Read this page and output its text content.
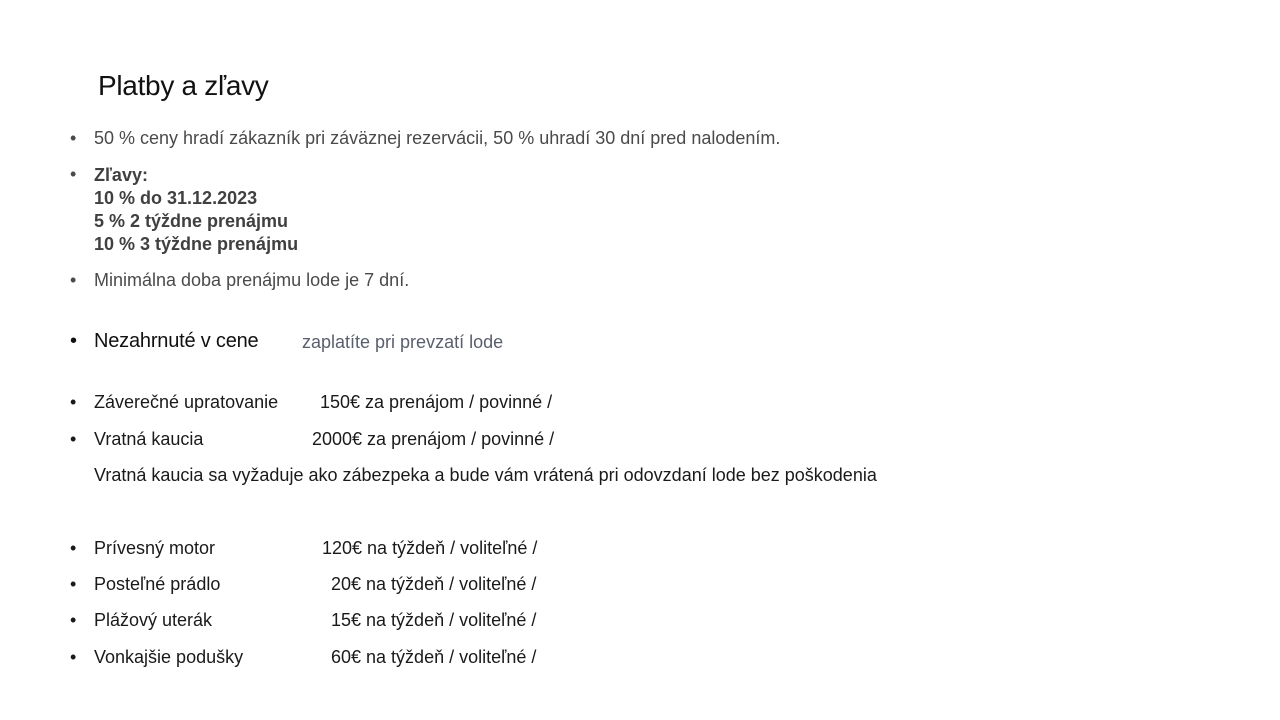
Platby a zľavy
• 50 % ceny hradí zákazník pri záväznej rezervácii, 50 % uhradí 30 dní pred nalodením.
• Zľavy:
10 % do 31.12.2023
5 % 2 týždne prenájmu
10 % 3 týždne prenájmu
• Minimálna doba prenájmu lode je 7 dní.
• Nezahrnuté v cene zaplatíte pri prevzatí lode
• Záverečné upratovanie 150€ za prenájom / povinné /
• Vratná kaucia	2000€ za prenájom / povinné /
Vratná kaucia sa vyžaduje ako zábezpeka a bude vám vrátená pri odovzdaní lode bez poškodenia
• Prívesný motor	120€ na týždeň / voliteľné /
• Posteľné prádlo	20€ na týždeň / voliteľné /
• Plážový uterák	15€ na týždeň / voliteľné /
• Vonkajšie podušky	60€ na týždeň / voliteľné /
